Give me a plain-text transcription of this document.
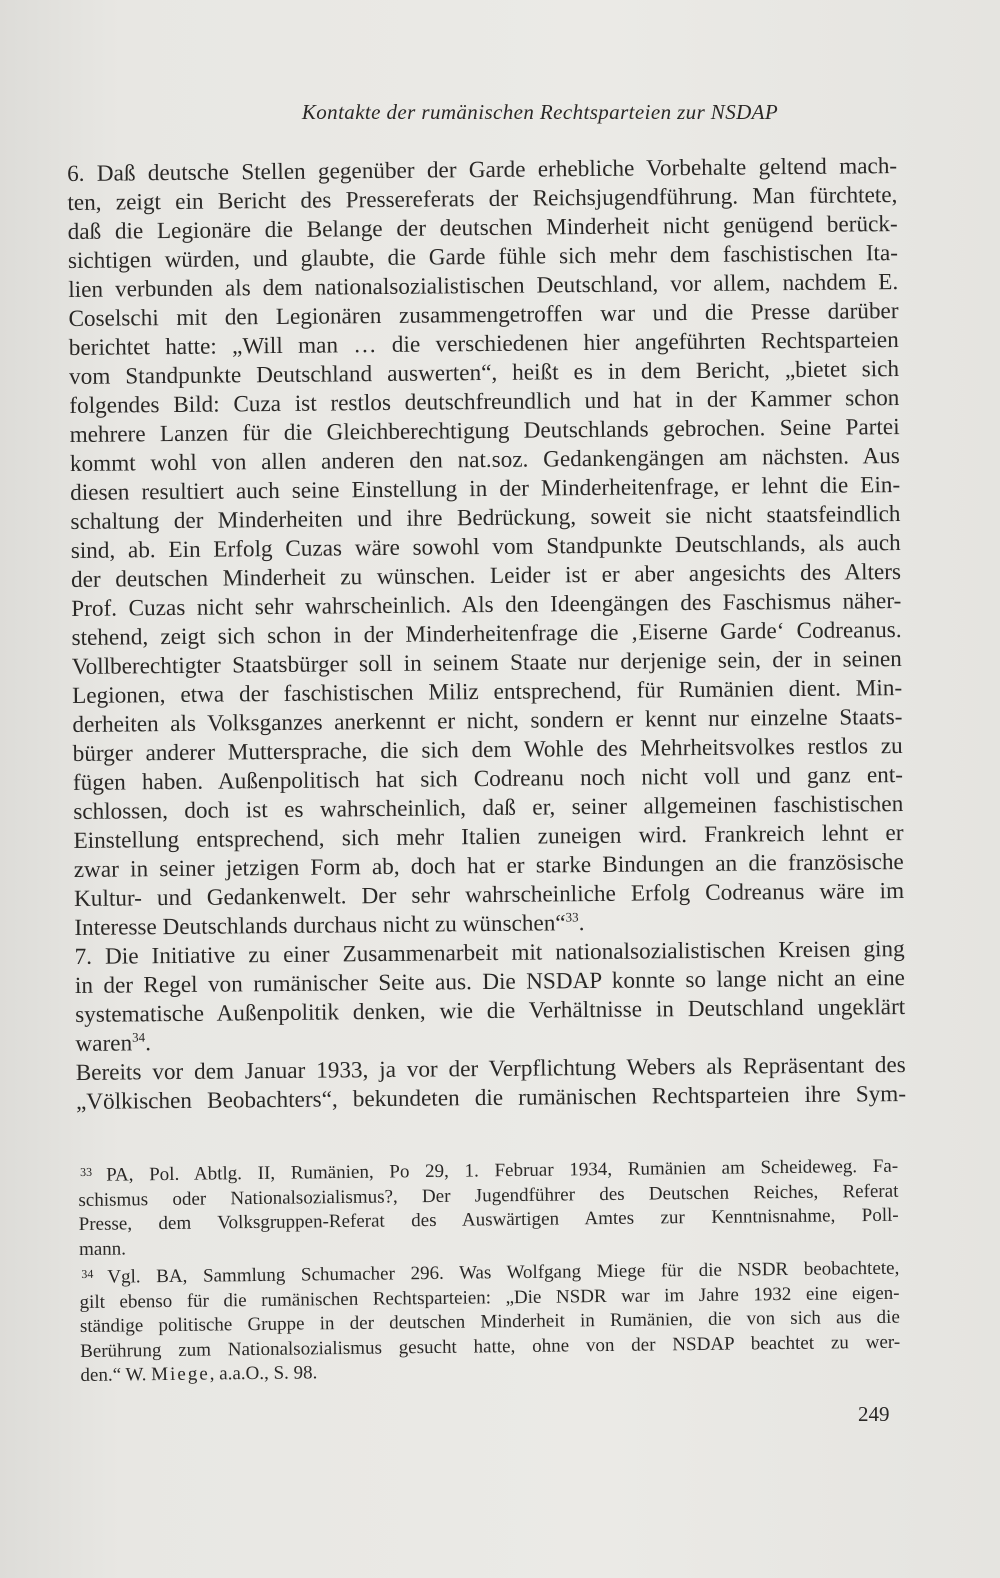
Kontakte der rumänischen Rechtsparteien zur NSDAP

6. Daß deutsche Stellen gegenüber der Garde erhebliche Vorbehalte geltend mach-
ten, zeigt ein Bericht des Pressereferats der Reichsjugendführung. Man fürchtete,
daß die Legionäre die Belange der deutschen Minderheit nicht genügend berück-
sichtigen würden, und glaubte, die Garde fühle sich mehr dem faschistischen Ita-
lien verbunden als dem nationalsozialistischen Deutschland, vor allem, nachdem E.
Coselschi mit den Legionären zusammengetroffen war und die Presse darüber
berichtet hatte: „Will man … die verschiedenen hier angeführten Rechtsparteien
vom Standpunkte Deutschland auswerten“, heißt es in dem Bericht, „bietet sich
folgendes Bild: Cuza ist restlos deutschfreundlich und hat in der Kammer schon
mehrere Lanzen für die Gleichberechtigung Deutschlands gebrochen. Seine Partei
kommt wohl von allen anderen den nat.soz. Gedankengängen am nächsten. Aus
diesen resultiert auch seine Einstellung in der Minderheitenfrage, er lehnt die Ein-
schaltung der Minderheiten und ihre Bedrückung, soweit sie nicht staatsfeindlich
sind, ab. Ein Erfolg Cuzas wäre sowohl vom Standpunkte Deutschlands, als auch
der deutschen Minderheit zu wünschen. Leider ist er aber angesichts des Alters
Prof. Cuzas nicht sehr wahrscheinlich. Als den Ideengängen des Faschismus näher-
stehend, zeigt sich schon in der Minderheitenfrage die ‚Eiserne Garde‘ Codreanus.
Vollberechtigter Staatsbürger soll in seinem Staate nur derjenige sein, der in seinen
Legionen, etwa der faschistischen Miliz entsprechend, für Rumänien dient. Min-
derheiten als Volksganzes anerkennt er nicht, sondern er kennt nur einzelne Staats-
bürger anderer Muttersprache, die sich dem Wohle des Mehrheitsvolkes restlos zu
fügen haben. Außenpolitisch hat sich Codreanu noch nicht voll und ganz ent-
schlossen, doch ist es wahrscheinlich, daß er, seiner allgemeinen faschistischen
Einstellung entsprechend, sich mehr Italien zuneigen wird. Frankreich lehnt er
zwar in seiner jetzigen Form ab, doch hat er starke Bindungen an die französische
Kultur- und Gedankenwelt. Der sehr wahrscheinliche Erfolg Codreanus wäre im
Interesse Deutschlands durchaus nicht zu wünschen“$^{33}$.

7. Die Initiative zu einer Zusammenarbeit mit nationalsozialistischen Kreisen ging
in der Regel von rumänischer Seite aus. Die NSDAP konnte so lange nicht an eine
systematische Außenpolitik denken, wie die Verhältnisse in Deutschland ungeklärt
waren$^{34}$.

Bereits vor dem Januar 1933, ja vor der Verpflichtung Webers als Repräsentant des
„Völkischen Beobachters“, bekundeten die rumänischen Rechtsparteien ihre Sym-

$^{33}$ PA, Pol. Abtlg. II, Rumänien, Po 29, 1. Februar 1934, Rumänien am Scheideweg. Fa-
schismus oder Nationalsozialismus?, Der Jugendführer des Deutschen Reiches, Referat
Presse, dem Volksgruppen-Referat des Auswärtigen Amtes zur Kenntnisnahme, Poll-
mann.

$^{34}$ Vgl. BA, Sammlung Schumacher 296. Was Wolfgang Miege für die NSDR beobachtete,
gilt ebenso für die rumänischen Rechtsparteien: „Die NSDR war im Jahre 1932 eine eigen-
ständige politische Gruppe in der deutschen Minderheit in Rumänien, die von sich aus die
Berührung zum Nationalsozialismus gesucht hatte, ohne von der NSDAP beachtet zu wer-
den.“ W. Miege, a.a.O., S. 98.

249
